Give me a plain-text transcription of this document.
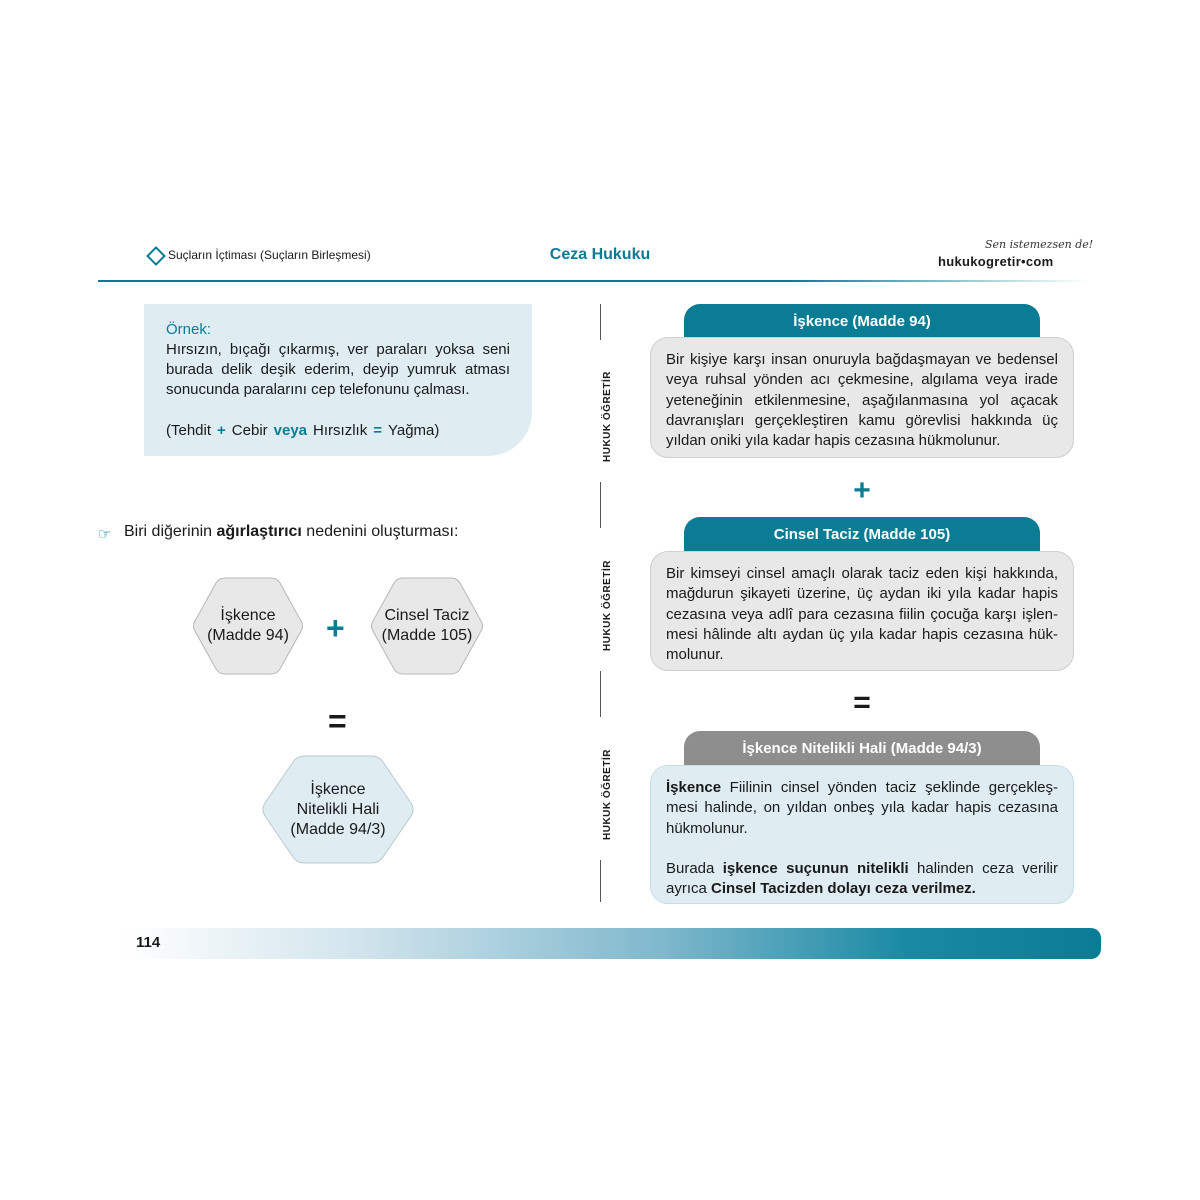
Suçların İçtiması (Suçların Birleşmesi)	Ceza Hukuku
Sen istemezsen de!
hukukogretir•com
Örnek:
Hırsızın, bıçağı çıkarmış, ver paraları yoksa seni burada delik deşik ederim, deyip yumruk atması sonucunda paralarını cep telefonunu çalması.
(Tehdit + Cebir veya Hırsızlık = Yağma)
☞ Biri diğerinin ağırlaştırıcı nedenini oluşturması:
İşkence
(Madde 94) + Cinsel Taciz
(Madde 105)
=
İşkence
Nitelikli Hali
(Madde 94/3)
HUKUK ÖĞRETİR
HUKUK ÖĞRETİR
HUKUK ÖĞRETİR
İşkence (Madde 94)

Bir kişiye karşı insan onuruyla bağdaşmayan ve bedensel veya ruhsal yönden acı çekmesine, algılama veya irade yeteneğinin etkilenmesine, aşağılanmasına yol açacak davranışları gerçekleştiren kamu görevlisi hakkında üç yıldan oniki yıla kadar hapis cezasına hükmolunur.

+
Cinsel Taciz (Madde 105)

Bir kimseyi cinsel amaçlı olarak taciz eden kişi hakkında, mağdurun şikayeti üzerine, üç aydan iki yıla kadar hapis cezasına veya adlî para cezasına fiilin çocuğa karşı işlen-mesi hâlinde altı aydan üç yıla kadar hapis cezasına hük-molunur.

=
İşkence Nitelikli Hali (Madde 94/3)

İşkence Fiilinin cinsel yönden taciz şeklinde gerçekleş-mesi halinde, on yıldan onbeş yıla kadar hapis cezasına hükmolunur.

Burada işkence suçunun nitelikli halinden ceza verilir ayrıca Cinsel Tacizden dolayı ceza verilmez.

114
